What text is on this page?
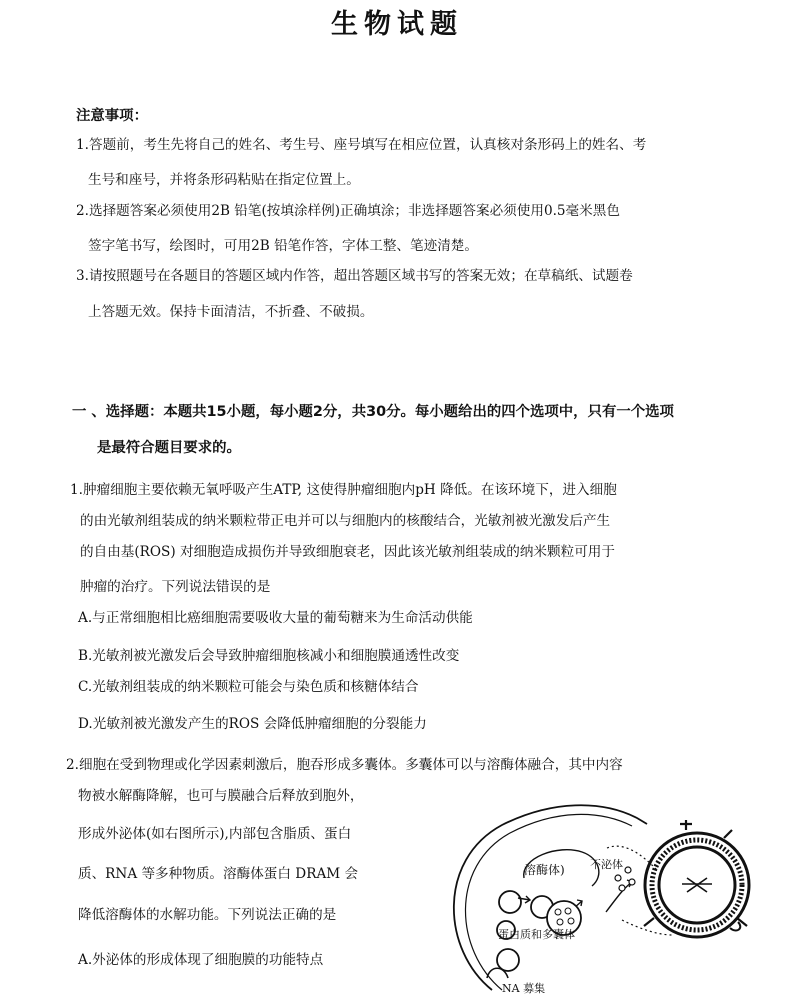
生物试题
注意事项：
1.答题前，考生先将自己的姓名、考生号、座号填写在相应位置，认真核对条形码上的姓名、考
生号和座号，并将条形码粘贴在指定位置上。
2.选择题答案必须使用2B 铅笔(按填涂样例)正确填涂；非选择题答案必须使用0.5毫米黑色
签字笔书写，绘图时，可用2B 铅笔作答，字体工整、笔迹清楚。
3.请按照题号在各题目的答题区域内作答，超出答题区域书写的答案无效；在草稿纸、试题卷
上答题无效。保持卡面清洁，不折叠、不破损。
一 、选择题：本题共15小题，每小题2分，共30分。每小题给出的四个选项中，只有一个选项
是最符合题目要求的。
1.肿瘤细胞主要依赖无氧呼吸产生ATP, 这使得肿瘤细胞内pH 降低。在该环境下，进入细胞
的由光敏剂组装成的纳米颗粒带正电并可以与细胞内的核酸结合，光敏剂被光激发后产生
的自由基(ROS) 对细胞造成损伤并导致细胞衰老，因此该光敏剂组装成的纳米颗粒可用于
肿瘤的治疗。下列说法错误的是
A.与正常细胞相比癌细胞需要吸收大量的葡萄糖来为生命活动供能
B.光敏剂被光激发后会导致肿瘤细胞核减小和细胞膜通透性改变
C.光敏剂组装成的纳米颗粒可能会与染色质和核糖体结合
D.光敏剂被光激发产生的ROS 会降低肿瘤细胞的分裂能力
2.细胞在受到物理或化学因素刺激后，胞吞形成多囊体。多囊体可以与溶酶体融合，其中内容
物被水解酶降解，也可与膜融合后释放到胞外，
形成外泌体(如右图所示),内部包含脂质、蛋白
质、RNA 等多种物质。溶酶体蛋白 DRAM 会
降低溶酶体的水解功能。下列说法正确的是
A.外泌体的形成体现了细胞膜的功能特点
溶酶体) 不泌体
蛋白质和多囊体
NA 募集
